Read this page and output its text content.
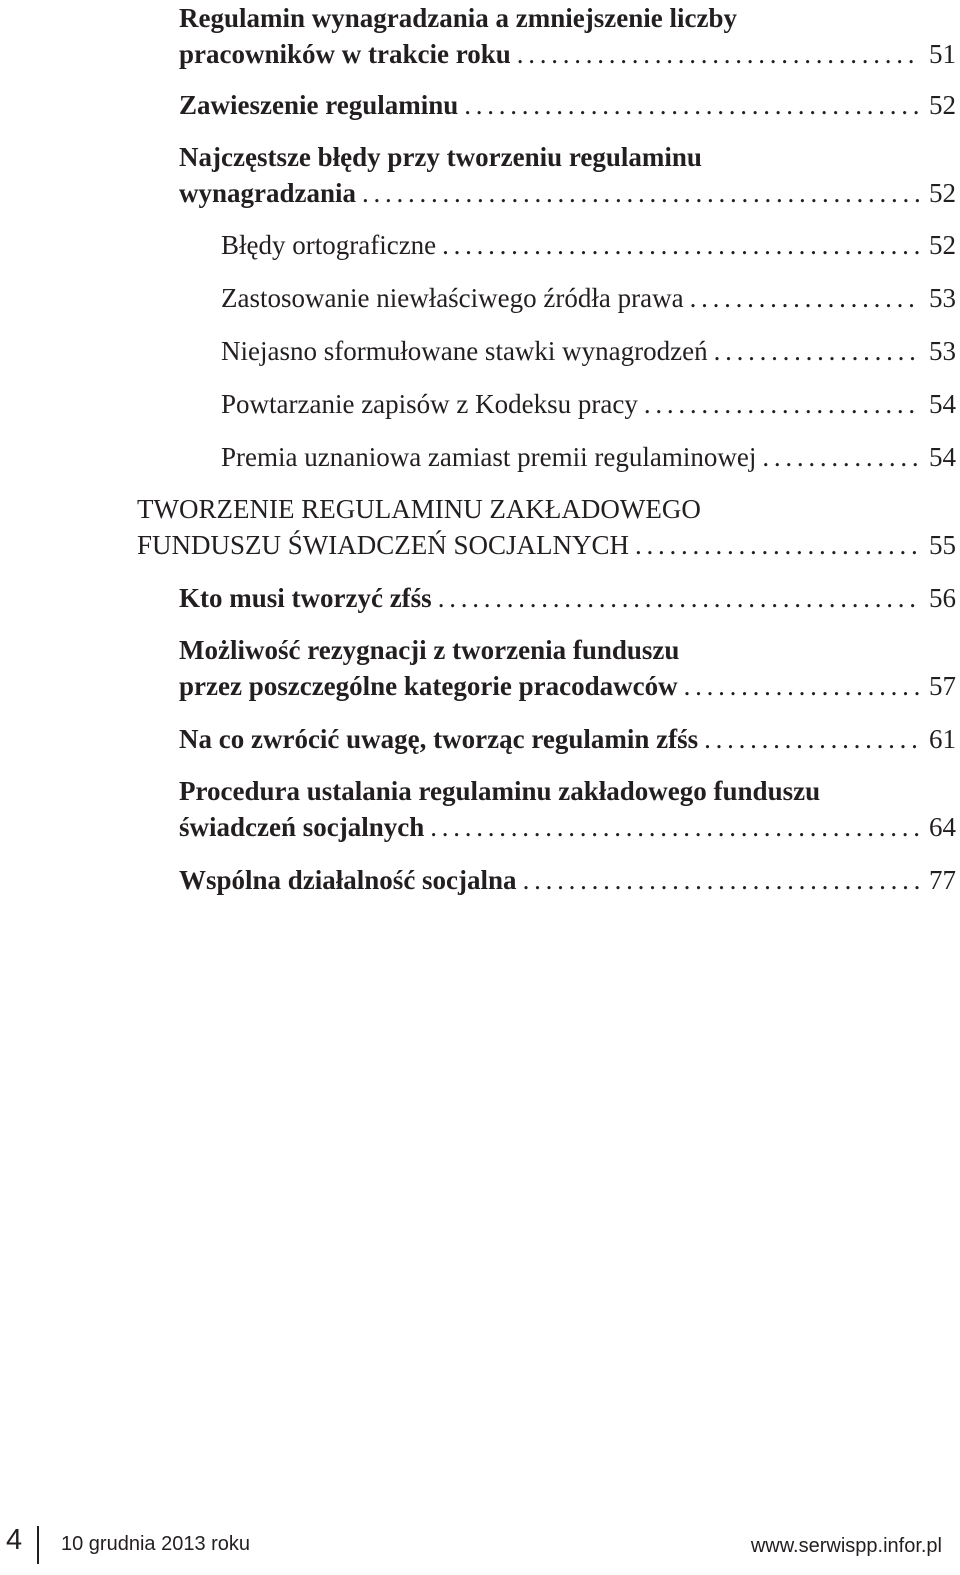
Regulamin wynagradzania a zmniejszenie liczby
pracowników w trakcie roku . . .	51
Zawieszenie regulaminu . . .	52
Najczęstsze błędy przy tworzeniu regulaminu
wynagradzania . . .	52
Błędy ortograficzne . . .	52
Zastosowanie niewłaściwego źródła prawa . . .	53
Niejasno sformułowane stawki wynagrodzeń . . .	53
Powtarzanie zapisów z Kodeksu pracy . . .	54
Premia uznaniowa zamiast premii regulaminowej . . .	54
TWORZENIE REGULAMINU ZAKŁADOWEGO
FUNDUSZU ŚWIADCZEŃ SOCJALNYCH . . .	55
Kto musi tworzyć zfśs . . .	56
Możliwość rezygnacji z tworzenia funduszu
przez poszczególne kategorie pracodawców . . .	57
Na co zwrócić uwagę, tworząc regulamin zfśs . . .	61
Procedura ustalania regulaminu zakładowego funduszu
świadczeń socjalnych . . .	64
Wspólna działalność socjalna . . .	77
4 10 grudnia 2013 roku	www.serwispp.infor.pl
